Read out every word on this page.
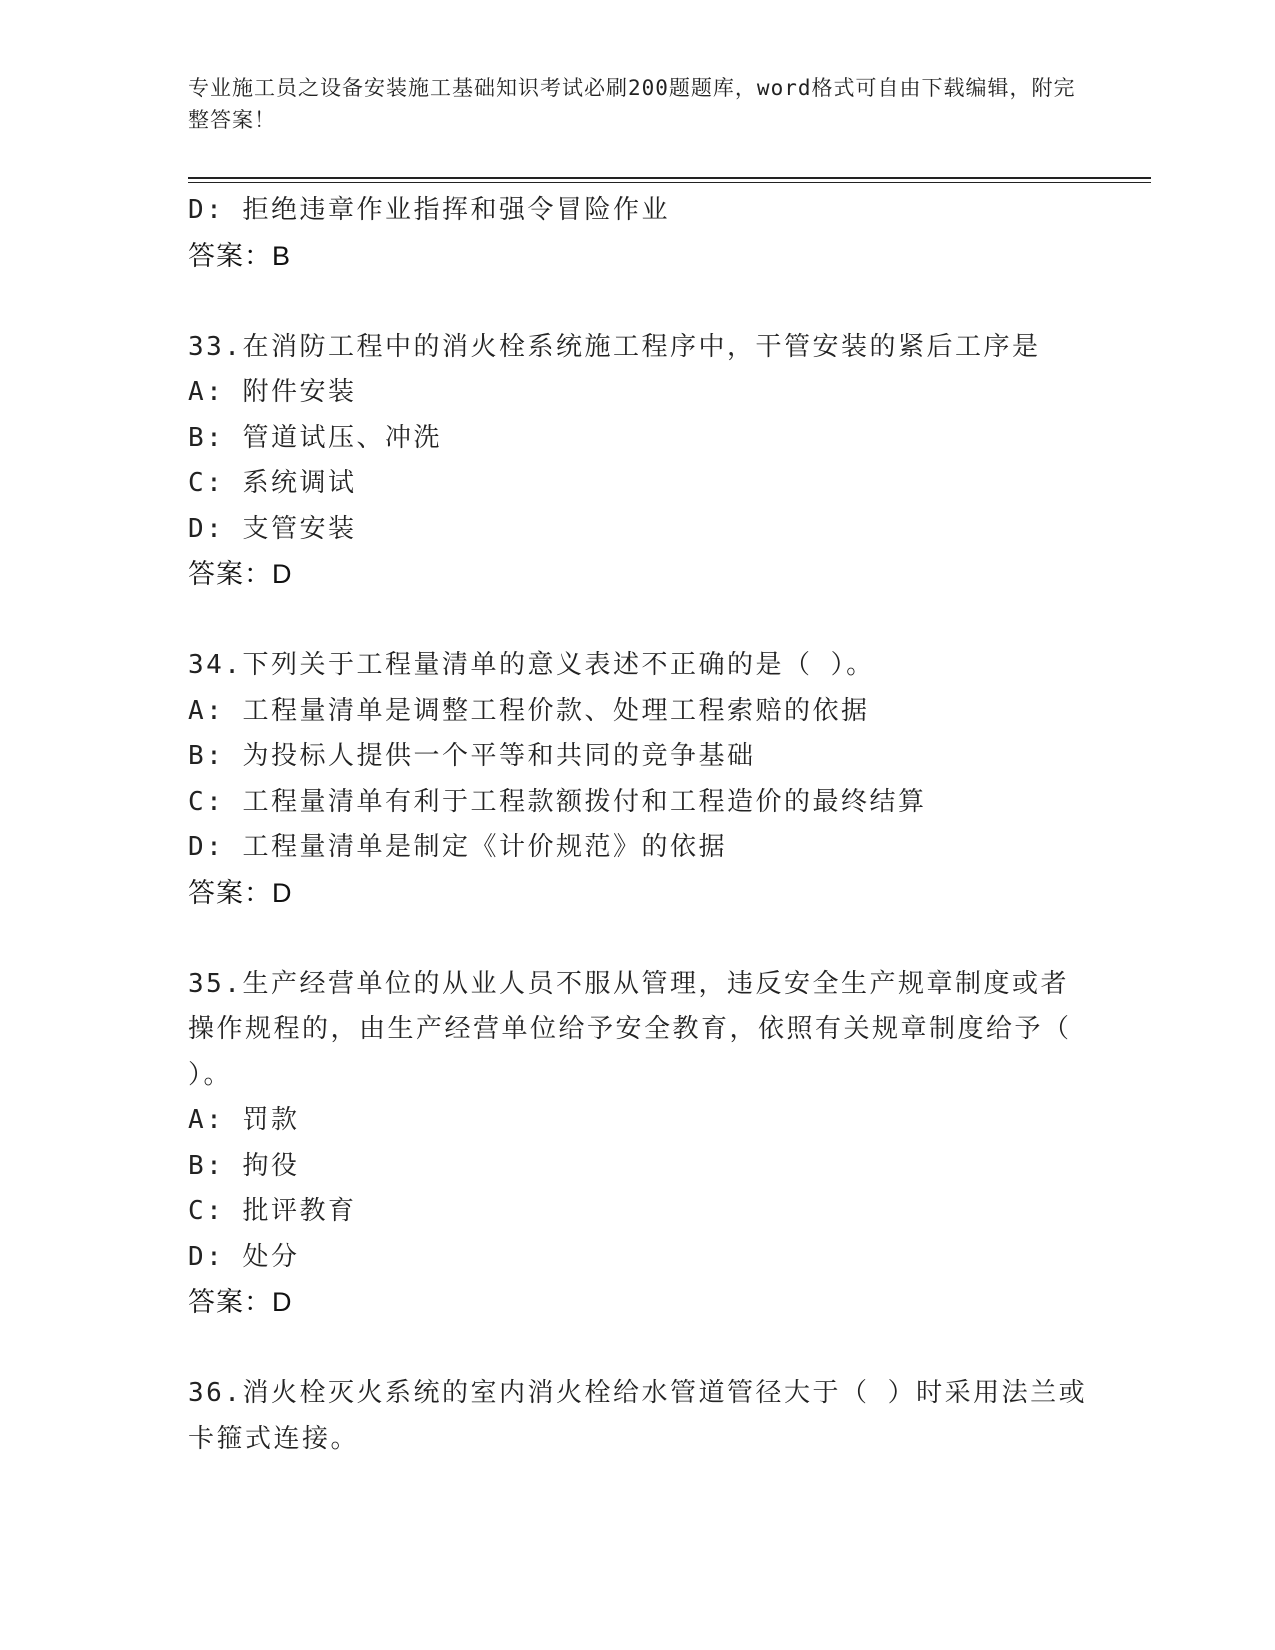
专业施工员之设备安装施工基础知识考试必刷200题题库，word格式可自由下载编辑，附完整答案！
D: 拒绝违章作业指挥和强令冒险作业
答案：B
33.在消防工程中的消火栓系统施工程序中，干管安装的紧后工序是
A: 附件安装
B: 管道试压、冲洗
C: 系统调试
D: 支管安装
答案：D
34.下列关于工程量清单的意义表述不正确的是（ ）。
A: 工程量清单是调整工程价款、处理工程索赔的依据
B: 为投标人提供一个平等和共同的竞争基础
C: 工程量清单有利于工程款额拨付和工程造价的最终结算
D: 工程量清单是制定《计价规范》的依据
答案：D
35.生产经营单位的从业人员不服从管理，违反安全生产规章制度或者操作规程的，由生产经营单位给予安全教育，依照有关规章制度给予（ ）。
A: 罚款
B: 拘役
C: 批评教育
D: 处分
答案：D
36.消火栓灭火系统的室内消火栓给水管道管径大于（ ）时采用法兰或卡箍式连接。
